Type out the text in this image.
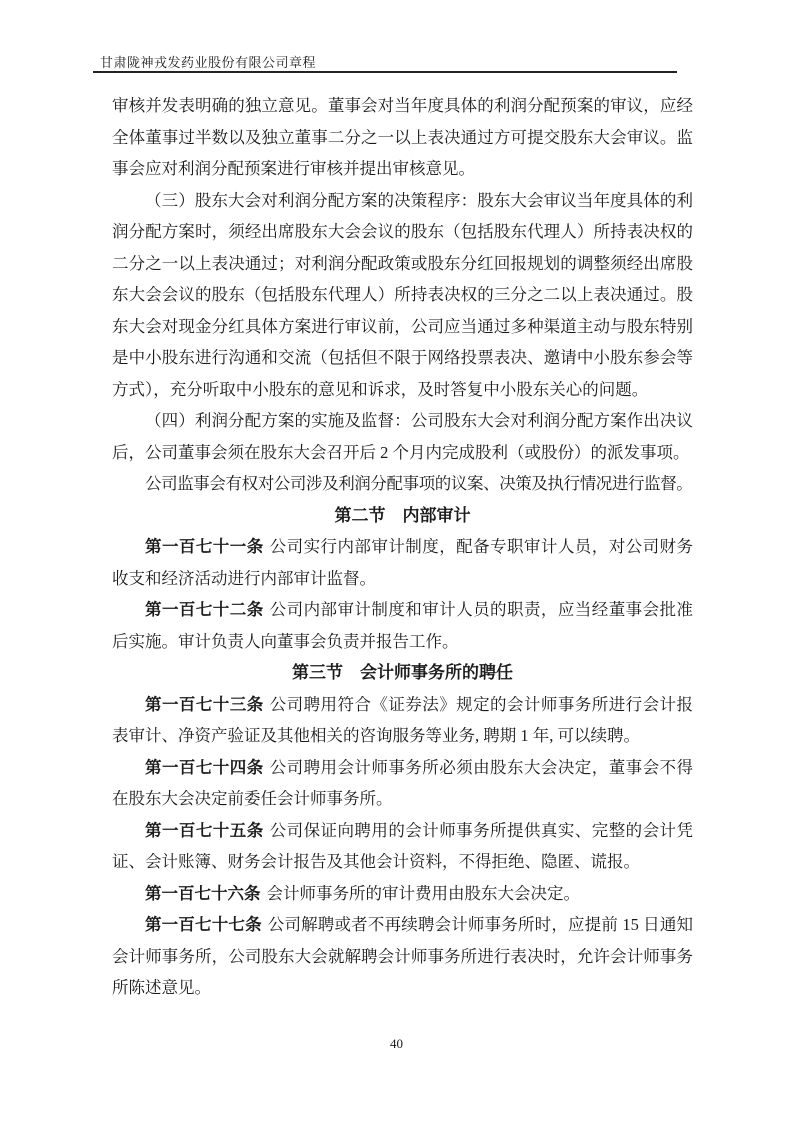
甘肃陇神戎发药业股份有限公司章程

审核并发表明确的独立意见。董事会对当年度具体的利润分配预案的审议，应经全体董事过半数以及独立董事二分之一以上表决通过方可提交股东大会审议。监事会应对利润分配预案进行审核并提出审核意见。

（三）股东大会对利润分配方案的决策程序：股东大会审议当年度具体的利润分配方案时，须经出席股东大会会议的股东（包括股东代理人）所持表决权的二分之一以上表决通过；对利润分配政策或股东分红回报规划的调整须经出席股东大会会议的股东（包括股东代理人）所持表决权的三分之二以上表决通过。股东大会对现金分红具体方案进行审议前，公司应当通过多种渠道主动与股东特别是中小股东进行沟通和交流（包括但不限于网络投票表决、邀请中小股东参会等方式），充分听取中小股东的意见和诉求，及时答复中小股东关心的问题。

（四）利润分配方案的实施及监督：公司股东大会对利润分配方案作出决议后，公司董事会须在股东大会召开后 2 个月内完成股利（或股份）的派发事项。

公司监事会有权对公司涉及利润分配事项的议案、决策及执行情况进行监督。

第二节　内部审计

第一百七十一条 公司实行内部审计制度，配备专职审计人员，对公司财务收支和经济活动进行内部审计监督。

第一百七十二条 公司内部审计制度和审计人员的职责，应当经董事会批准后实施。审计负责人向董事会负责并报告工作。

第三节　会计师事务所的聘任

第一百七十三条 公司聘用符合《证券法》规定的会计师事务所进行会计报表审计、净资产验证及其他相关的咨询服务等业务, 聘期 1 年, 可以续聘。

第一百七十四条 公司聘用会计师事务所必须由股东大会决定，董事会不得在股东大会决定前委任会计师事务所。

第一百七十五条 公司保证向聘用的会计师事务所提供真实、完整的会计凭证、会计账簿、财务会计报告及其他会计资料，不得拒绝、隐匿、谎报。

第一百七十六条 会计师事务所的审计费用由股东大会决定。

第一百七十七条 公司解聘或者不再续聘会计师事务所时，应提前 15 日通知会计师事务所，公司股东大会就解聘会计师事务所进行表决时，允许会计师事务所陈述意见。

40
